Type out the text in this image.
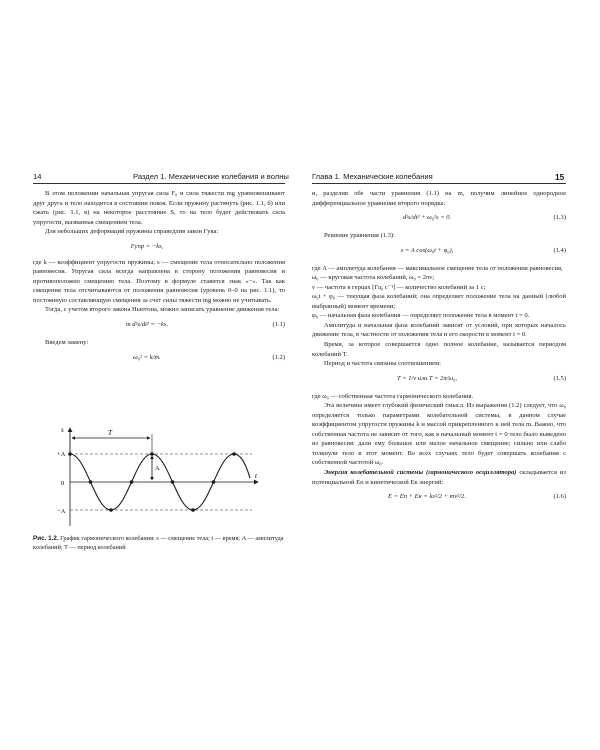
14	Раздел 1. Механические колебания и волны

В этом положении начальная упругая сила F₀ и сила тяжести mg уравновешивают друг друга и тело находится в состоянии покоя. Если пружину растянуть (рис. 1.1, б) или сжать (рис. 1.1, в) на некоторое расстояние S, то на тело будет действовать сила упругости, вызванная смещением тела.

Для небольших деформаций пружины справедлив закон Гука:

Fупр = −ks,

где k — коэффициент упругости пружины; s — смещение тела относительно положения равновесия. Упругая сила всегда направлена в сторону положения равновесия и противоположно смещению тела. Поэтому в формуле ставится знак «−». Так как смещения тела отсчитываются от положения равновесия (уровень 0–0 на рис. 1.1), то постоянную составляющую смещения за счет силы тяжести mg можно не учитывать.

Тогда, с учетом второго закона Ньютона, можно записать уравнение движения тела:

m d²s/dt² = −ks.	(1.1)

Введем замену:

ω₀² = k/m.	(1.2)
s
t
+A
0
−A
T
A
Рис. 1.2. График гармонического колебания: s — смещение тела; t — время; A — амплитуда колебаний; T — период колебаний
Глава 1. Механические колебания	15

и, разделив обе части уравнения (1.1) на m, получим линейное однородное дифференциальное уравнение второго порядка:

d²s/dt² + ω₀²s = 0.	(1.3)

Решение уравнения (1.3):

s = A cos(ω₀t + φ₀),	(1.4)

где A — амплитуда колебания — максимальное смещение тела от положения равновесия,

ω₀ — круговая частота колебаний, ω₀ = 2πν;

ν — частота в герцах [Гц, с⁻¹] — количество колебаний за 1 с;

ω₀t + φ₀ — текущая фаза колебаний; она определяет положение тела на данный (любой выбранный) момент времени;

φ₀ — начальная фаза колебания — определяет положение тела в момент t = 0.

Амплитуда и начальная фаза колебаний зависят от условий, при которых началось движение тела, в частности от положения тела и его скорости в момент t = 0.

Время, за которое совершается одно полное колебание, называется периодом колебаний T.

Период и частота связаны соотношением:

T = 1/ν или T = 2π/ω₀,	(1.5)

где ω₀ — собственная частота гармонического колебания.

Эта величина имеет глубокий физический смысл. Из выражения (1.2) следует, что ω₀ определяется только параметрами колебательной системы, в данном случае коэффициентом упругости пружины k и массой прикрепленного к ней тела m. Важно, что собственная частота не зависит от того, как в начальный момент t = 0 тело было выведено из равновесия: дали ему большое или малое начальное смещение; сильно или слабо толкнули тело в этот момент. Во всех случаях тело будет совершать колебания с собственной частотой ω₀.

Энергия колебательной системы (гармонического осциллятора) складывается из потенциальной Eп и кинетической Eк энергий:

E = Eп + Eк = ks²/2 + mv²/2.	(1.6)
